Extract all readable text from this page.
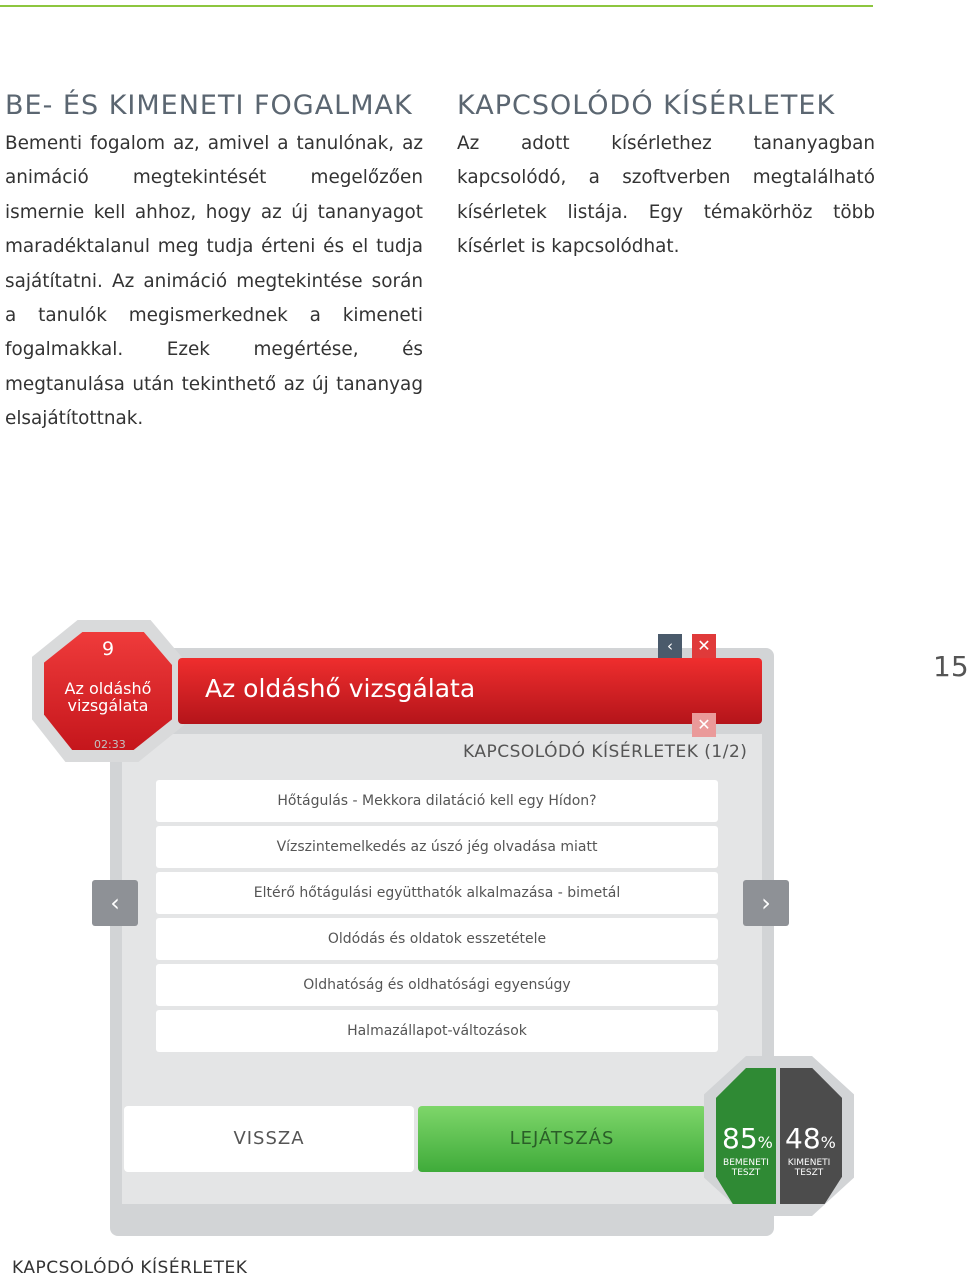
BE- ÉS KIMENETI FOGALMAK

Bementi fogalom az, amivel a tanulónak, az animáció megtekintését megelőzően ismernie kell ahhoz, hogy az új tananyagot maradéktalanul meg tudja érteni és el tudja sajátítatni. Az animáció megtekintése során a tanulók megismerkednek a kimeneti fogalmakkal. Ezek megértése, és megtanulása után tekinthető az új tananyag elsajátítottnak.

KAPCSOLÓDÓ KÍSÉRLETEK

Az adott kísérlethez tananyagban kapcsolódó, a szoftverben megtalálható kísérletek listája. Egy témakörhöz több kísérlet is kapcsolódhat.

15
9
Az oldáshő vizsgálata
02:33
Az oldáshő vizsgálata
‹	✕
✕
KAPCSOLÓDÓ KÍSÉRLETEK (1/2)
Hőtágulás - Mekkora dilatáció kell egy Hídon?
Vízszintemelkedés az úszó jég olvadása miatt
Eltérő hőtágulási együtthatók alkalmazása - bimetál
Oldódás és oldatok esszetétele
Oldhatóság és oldhatósági egyensúgy
Halmazállapot-változások
‹	›
VISSZA	LEJÁTSZÁS	85%
BEMENETI
TESZT
48%
KIMENETI
TESZT
KAPCSOLÓDÓ KÍSÉRLETEK
